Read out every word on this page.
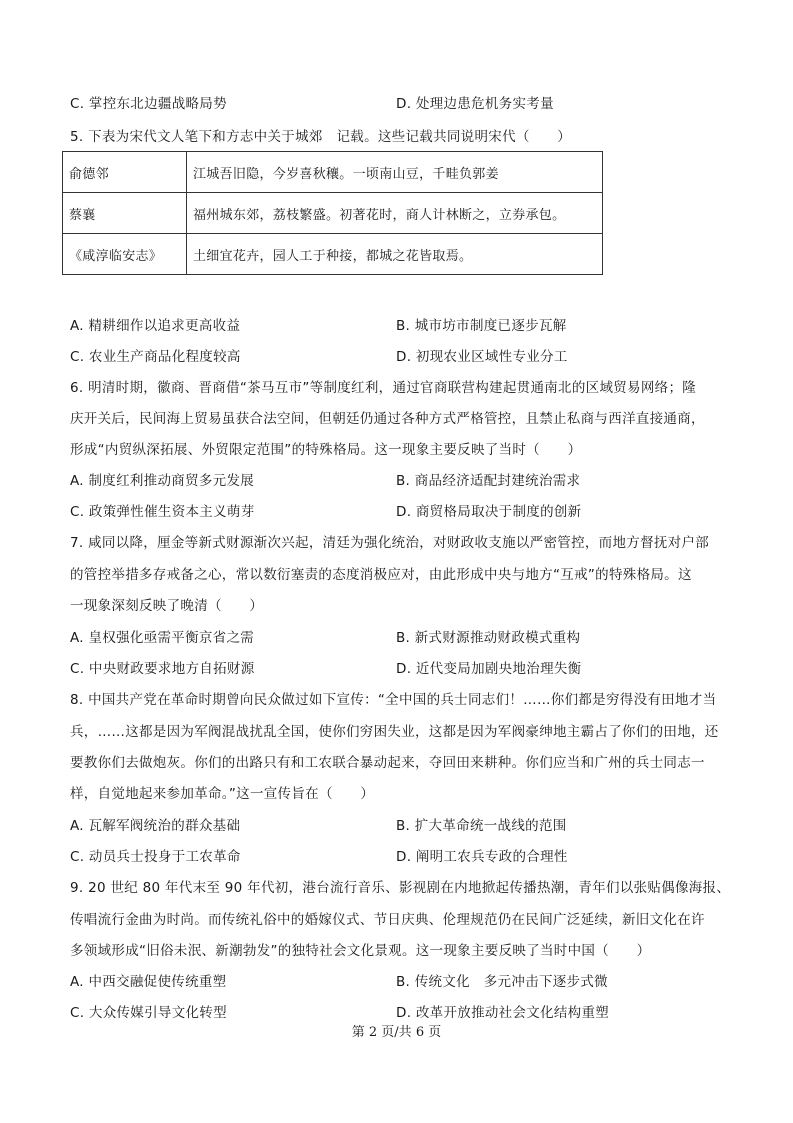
C. 掌控东北边疆战略局势	D. 处理边患危机务实考量
5. 下表为宋代文人笔下和方志中关于城郊　记载。这些记载共同说明宋代（　　）
俞德邻	江城吾旧隐，今岁喜秋穰。一顷南山豆，千畦负郭姜
蔡襄	福州城东郊，荔枝繁盛。初著花时，商人计林断之，立券承包。
《咸淳临安志》	土细宜花卉，园人工于种接，都城之花皆取焉。
A. 精耕细作以追求更高收益	B. 城市坊市制度已逐步瓦解
C. 农业生产商品化程度较高	D. 初现农业区域性专业分工
6. 明清时期，徽商、晋商借“茶马互市”等制度红利，通过官商联营构建起贯通南北的区域贸易网络；隆
庆开关后，民间海上贸易虽获合法空间，但朝廷仍通过各种方式严格管控，且禁止私商与西洋直接通商，
形成“内贸纵深拓展、外贸限定范围”的特殊格局。这一现象主要反映了当时（　　）
A. 制度红利推动商贸多元发展	B. 商品经济适配封建统治需求
C. 政策弹性催生资本主义萌芽	D. 商贸格局取决于制度的创新
7. 咸同以降，厘金等新式财源渐次兴起，清廷为强化统治，对财政收支施以严密管控，而地方督抚对户部
的管控举措多存戒备之心，常以数衍塞责的态度消极应对，由此形成中央与地方“互戒”的特殊格局。这
一现象深刻反映了晚清（　　）
A. 皇权强化亟需平衡京省之需	B. 新式财源推动财政模式重构
C. 中央财政要求地方自拓财源	D. 近代变局加剧央地治理失衡
8. 中国共产党在革命时期曾向民众做过如下宣传：“全中国的兵士同志们！……你们都是穷得没有田地才当
兵，……这都是因为军阀混战扰乱全国，使你们穷困失业，这都是因为军阀豪绅地主霸占了你们的田地，还
要教你们去做炮灰。你们的出路只有和工农联合暴动起来，夺回田来耕种。你们应当和广州的兵士同志一
样，自觉地起来参加革命。”这一宣传旨在（　　）
A. 瓦解军阀统治的群众基础	B. 扩大革命统一战线的范围
C. 动员兵士投身于工农革命	D. 阐明工农兵专政的合理性
9. 20 世纪 80 年代末至 90 年代初，港台流行音乐、影视剧在内地掀起传播热潮，青年们以张贴偶像海报、
传唱流行金曲为时尚。而传统礼俗中的婚嫁仪式、节日庆典、伦理规范仍在民间广泛延续，新旧文化在许
多领域形成“旧俗未泯、新潮勃发”的独特社会文化景观。这一现象主要反映了当时中国（　　）
A. 中西交融促使传统重塑	B. 传统文化　多元冲击下逐步式微
C. 大众传媒引导文化转型	D. 改革开放推动社会文化结构重塑
第 2 页/共 6 页
